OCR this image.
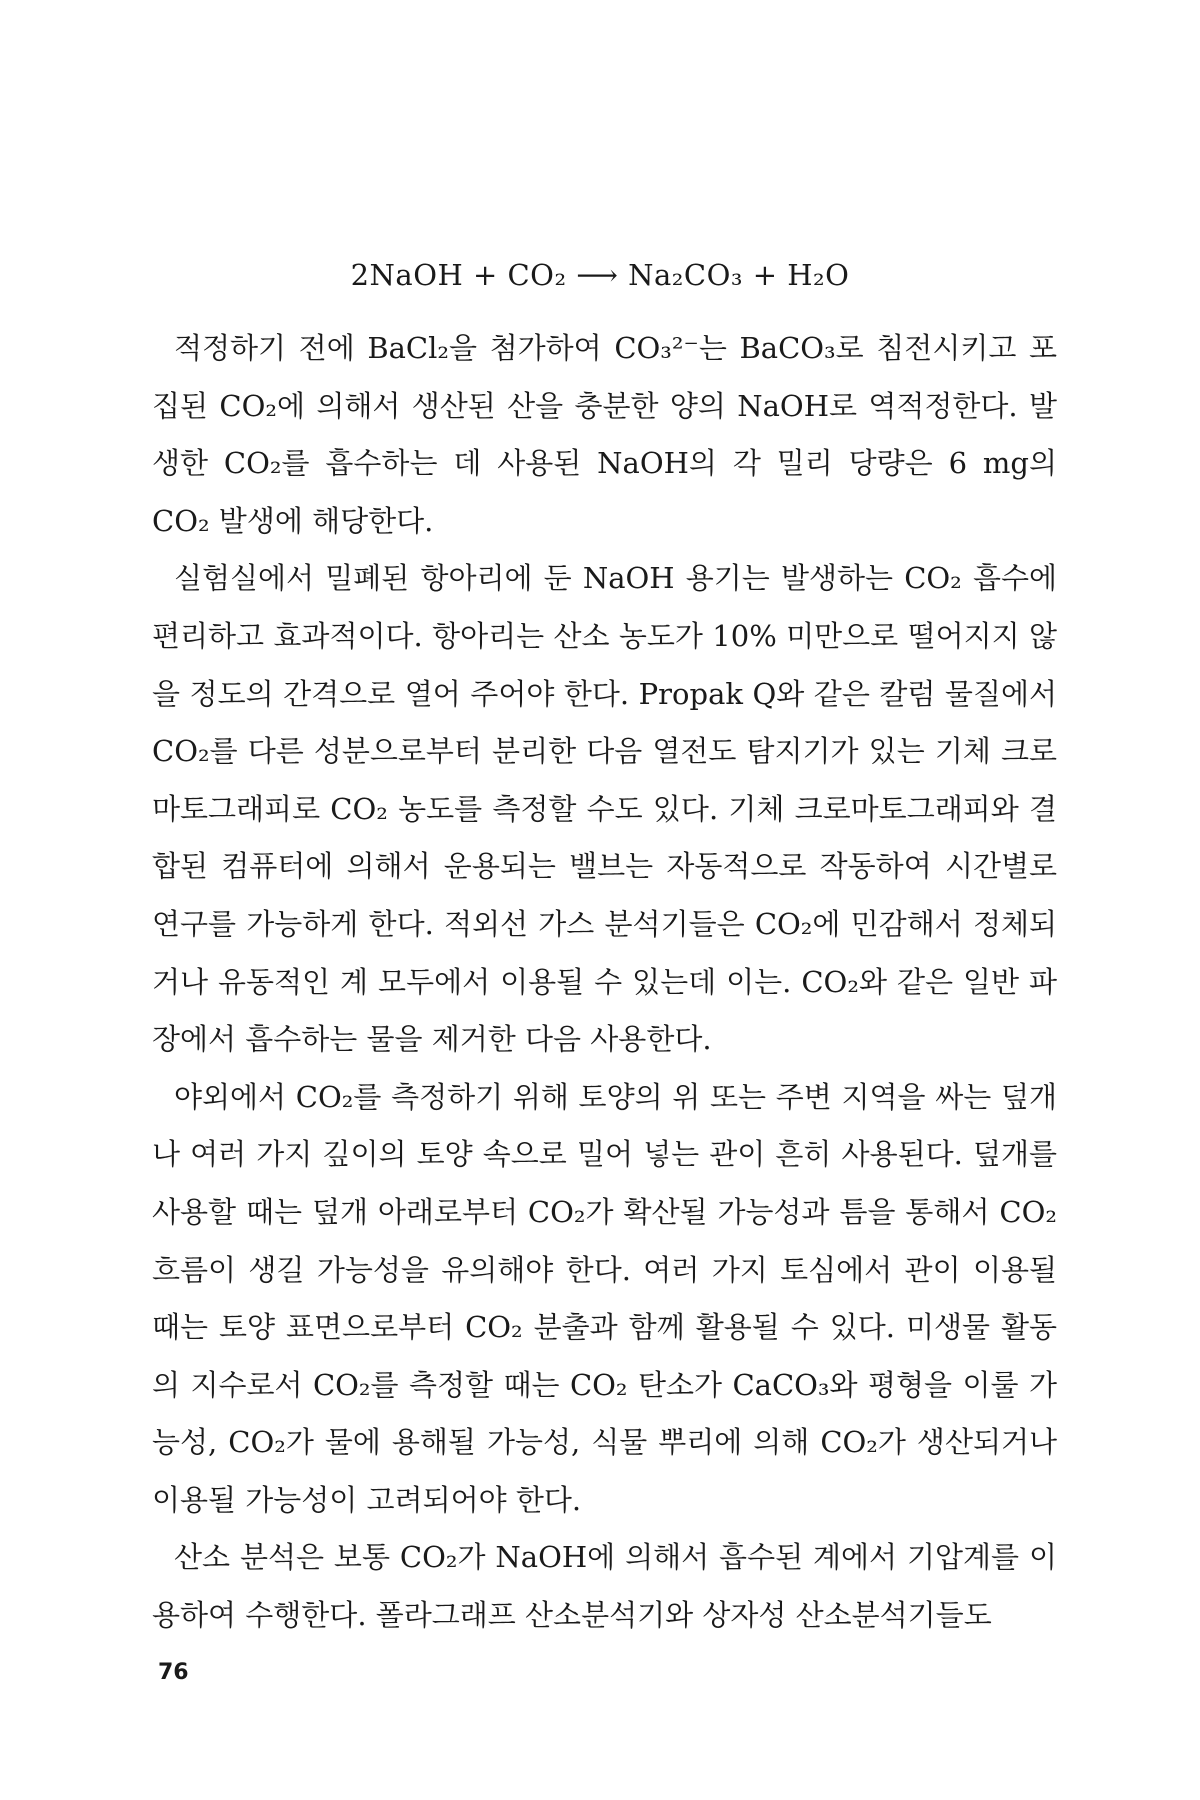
2NaOH + CO₂ ⟶ Na₂CO₃ + H₂O

적정하기 전에 BaCl₂을 첨가하여 CO₃²⁻는 BaCO₃로 침전시키고 포집된 CO₂에 의해서 생산된 산을 충분한 양의 NaOH로 역적정한다. 발생한 CO₂를 흡수하는 데 사용된 NaOH의 각 밀리 당량은 6 mg의 CO₂ 발생에 해당한다.

실험실에서 밀폐된 항아리에 둔 NaOH 용기는 발생하는 CO₂ 흡수에 편리하고 효과적이다. 항아리는 산소 농도가 10% 미만으로 떨어지지 않을 정도의 간격으로 열어 주어야 한다. Propak Q와 같은 칼럼 물질에서 CO₂를 다른 성분으로부터 분리한 다음 열전도 탐지기가 있는 기체 크로마토그래피로 CO₂ 농도를 측정할 수도 있다. 기체 크로마토그래피와 결합된 컴퓨터에 의해서 운용되는 밸브는 자동적으로 작동하여 시간별로 연구를 가능하게 한다. 적외선 가스 분석기들은 CO₂에 민감해서 정체되거나 유동적인 계 모두에서 이용될 수 있는데 이는. CO₂와 같은 일반 파장에서 흡수하는 물을 제거한 다음 사용한다.

야외에서 CO₂를 측정하기 위해 토양의 위 또는 주변 지역을 싸는 덮개나 여러 가지 깊이의 토양 속으로 밀어 넣는 관이 흔히 사용된다. 덮개를 사용할 때는 덮개 아래로부터 CO₂가 확산될 가능성과 틈을 통해서 CO₂ 흐름이 생길 가능성을 유의해야 한다. 여러 가지 토심에서 관이 이용될 때는 토양 표면으로부터 CO₂ 분출과 함께 활용될 수 있다. 미생물 활동의 지수로서 CO₂를 측정할 때는 CO₂ 탄소가 CaCO₃와 평형을 이룰 가능성, CO₂가 물에 용해될 가능성, 식물 뿌리에 의해 CO₂가 생산되거나 이용될 가능성이 고려되어야 한다.

산소 분석은 보통 CO₂가 NaOH에 의해서 흡수된 계에서 기압계를 이용하여 수행한다. 폴라그래프 산소분석기와 상자성 산소분석기들도

76
